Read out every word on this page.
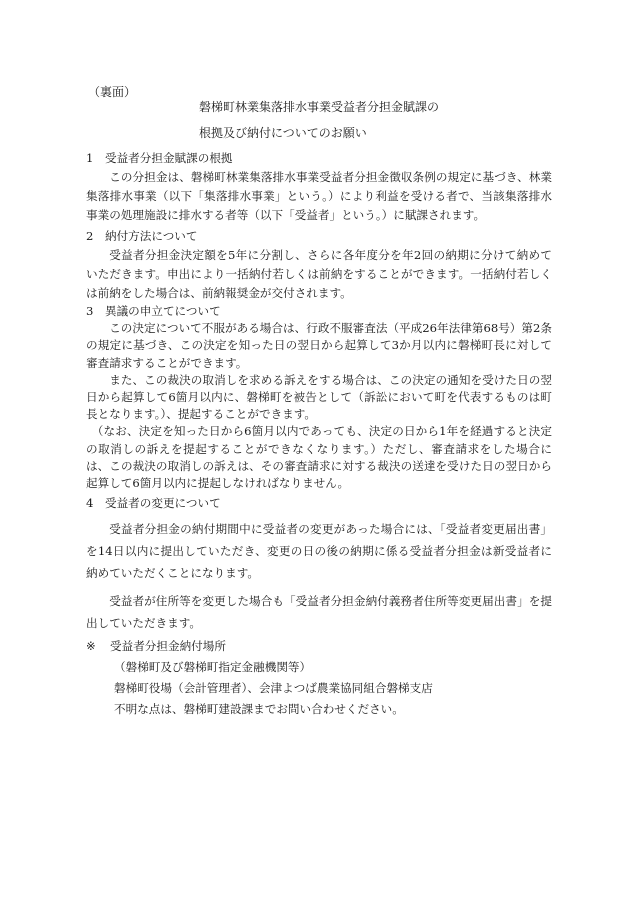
（裏面）
磐梯町林業集落排水事業受益者分担金賦課の
根拠及び納付についてのお願い

1　受益者分担金賦課の根拠

この分担金は、磐梯町林業集落排水事業受益者分担金徴収条例の規定に基づき、林業集落排水事業（以下「集落排水事業」という。）により利益を受ける者で、当該集落排水事業の処理施設に排水する者等（以下「受益者」という。）に賦課されます。

2　納付方法について

受益者分担金決定額を5年に分割し、さらに各年度分を年2回の納期に分けて納めていただきます。申出により一括納付若しくは前納をすることができます。一括納付若しくは前納をした場合は、前納報奨金が交付されます。

3　異議の申立てについて

この決定について不服がある場合は、行政不服審査法（平成26年法律第68号）第2条の規定に基づき、この決定を知った日の翌日から起算して3か月以内に磐梯町長に対して審査請求することができます。

また、この裁決の取消しを求める訴えをする場合は、この決定の通知を受けた日の翌日から起算して6箇月以内に、磐梯町を被告として（訴訟において町を代表するものは町長となります。）、提起することができます。

（なお、決定を知った日から6箇月以内であっても、決定の日から1年を経過すると決定の取消しの訴えを提起することができなくなります。）ただし、審査請求をした場合には、この裁決の取消しの訴えは、その審査請求に対する裁決の送達を受けた日の翌日から起算して6箇月以内に提起しなければなりません。

4　受益者の変更について

受益者分担金の納付期間中に受益者の変更があった場合には、「受益者変更届出書」を14日以内に提出していただき、変更の日の後の納期に係る受益者分担金は新受益者に納めていただくことになります。

受益者が住所等を変更した場合も「受益者分担金納付義務者住所等変更届出書」を提出していただきます。

※ 受益者分担金納付場所

（磐梯町及び磐梯町指定金融機関等）

磐梯町役場（会計管理者）、会津よつば農業協同組合磐梯支店

不明な点は、磐梯町建設課までお問い合わせください。
